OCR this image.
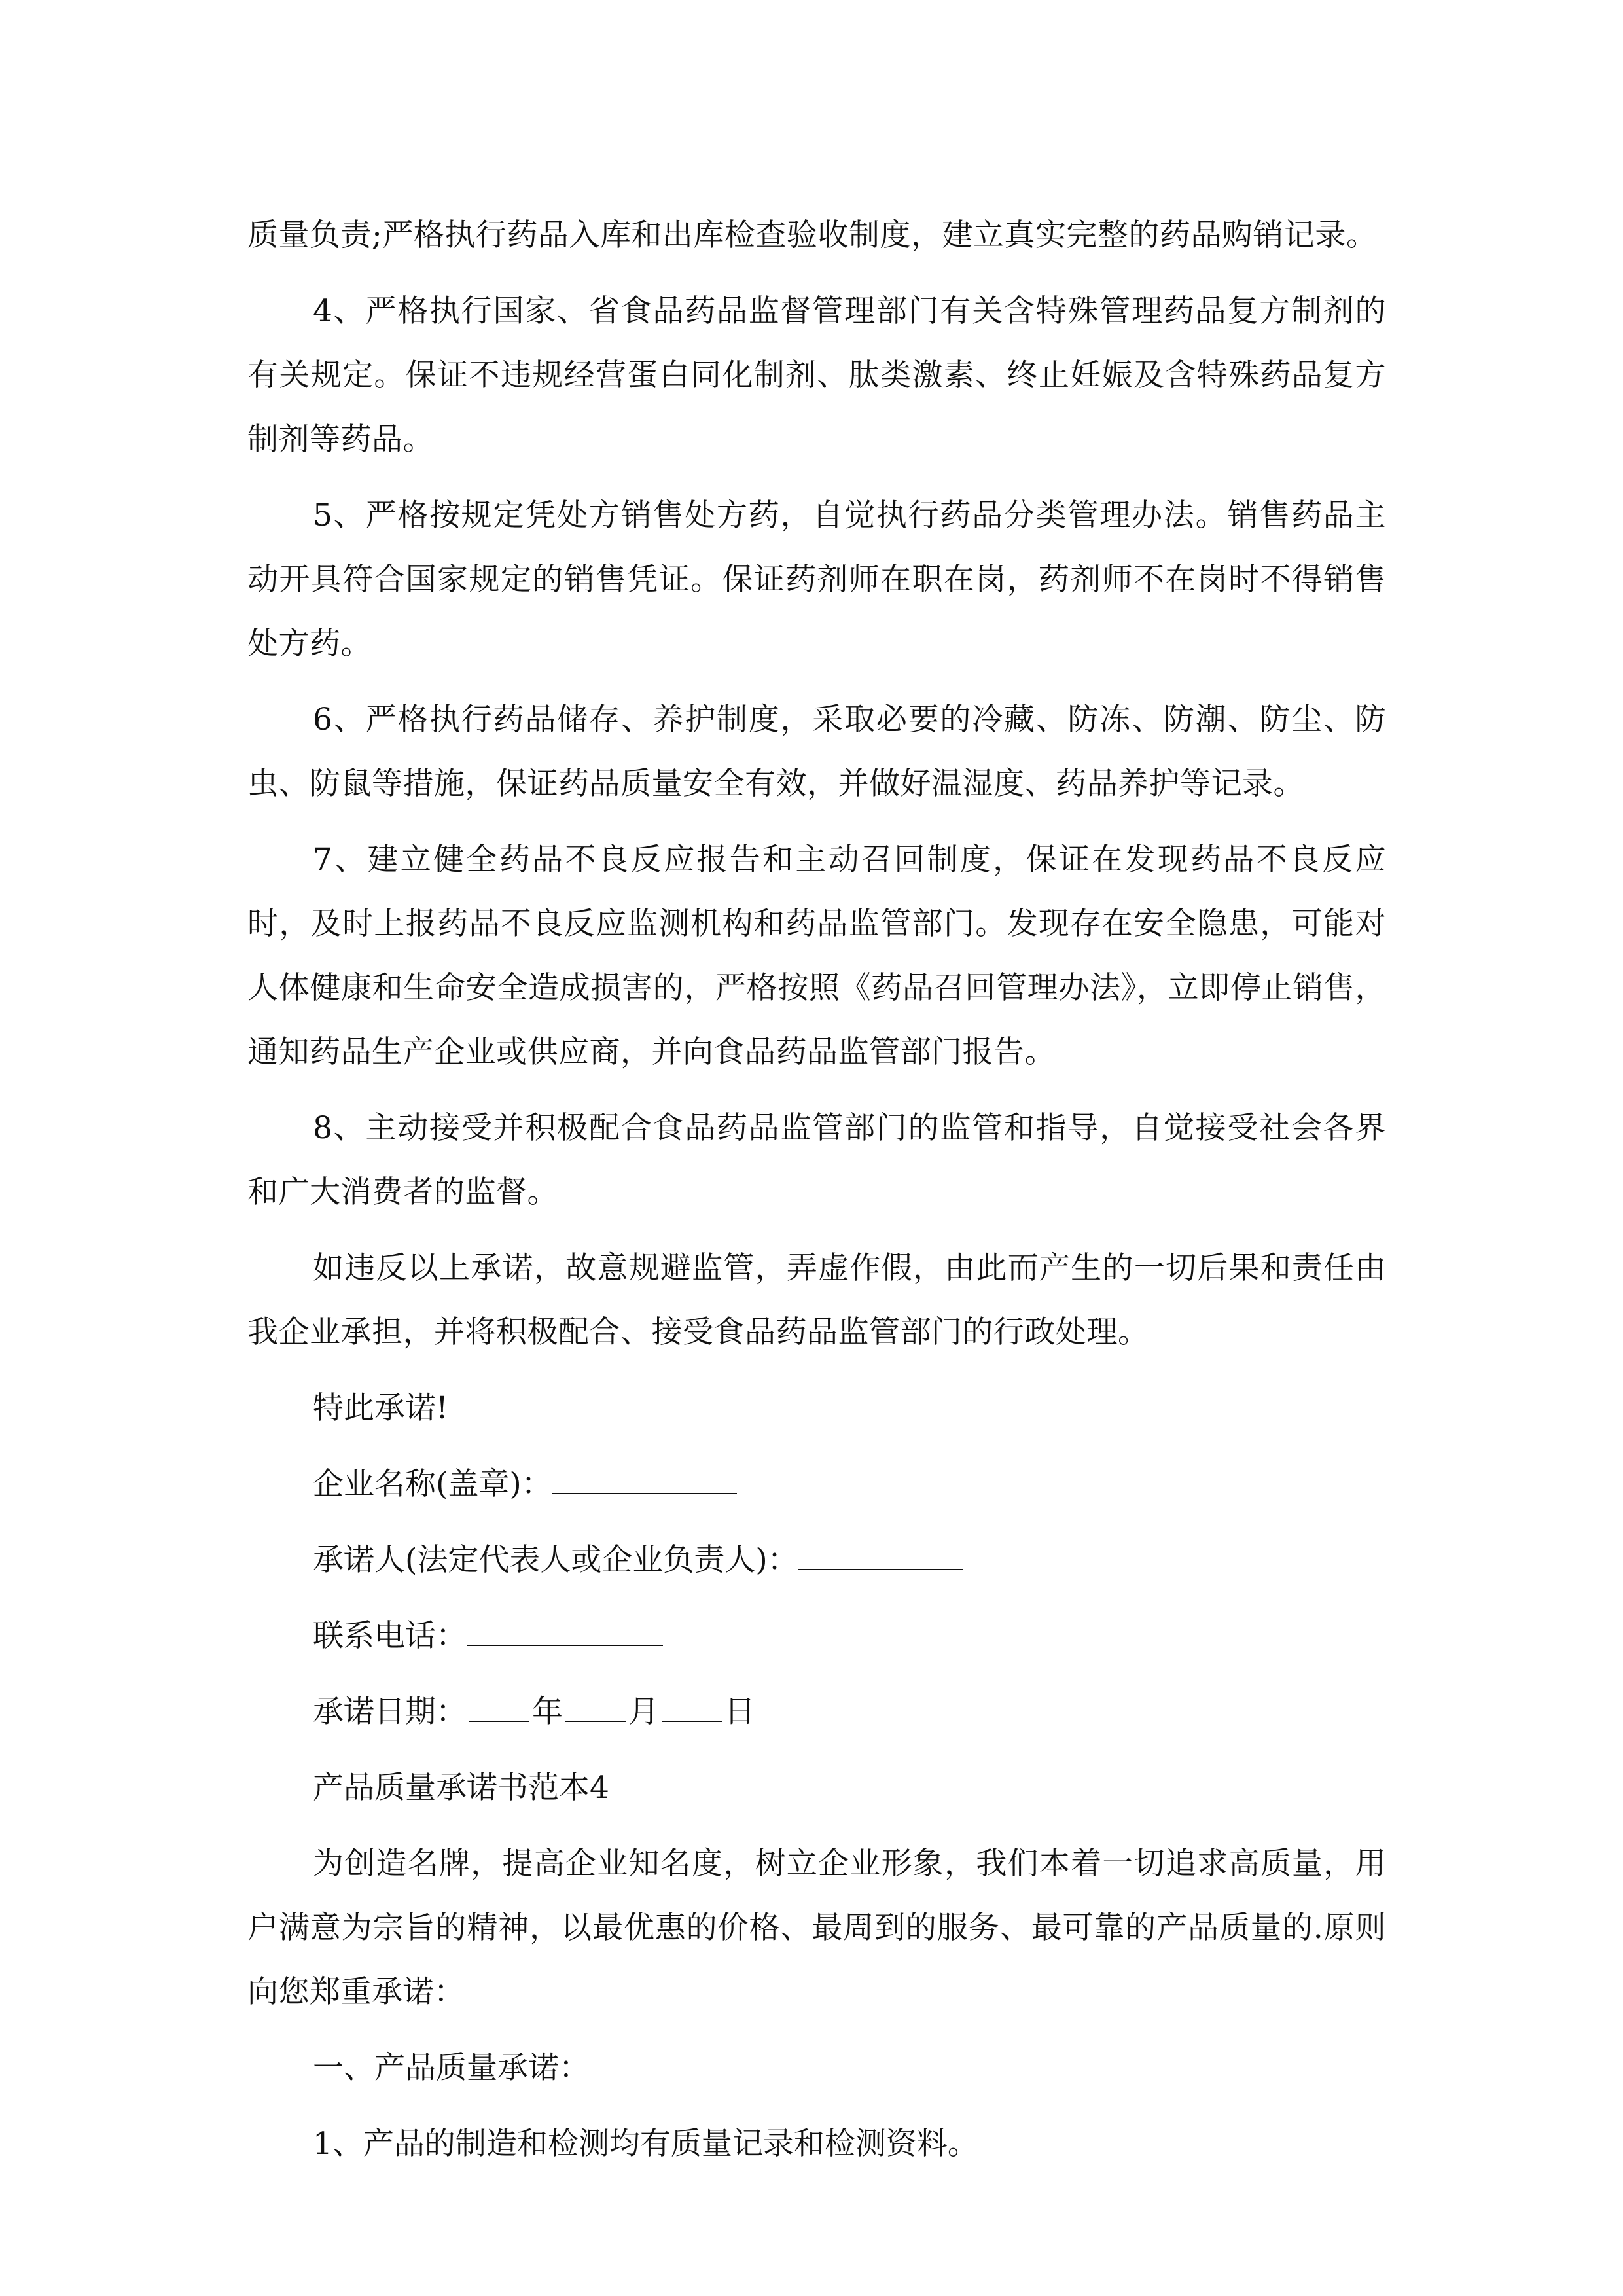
质量负责;严格执行药品入库和出库检查验收制度，建立真实完整的药品购销记录。

4、严格执行国家、省食品药品监督管理部门有关含特殊管理药品复方制剂的有关规定。保证不违规经营蛋白同化制剂、肽类激素、终止妊娠及含特殊药品复方制剂等药品。

5、严格按规定凭处方销售处方药，自觉执行药品分类管理办法。销售药品主动开具符合国家规定的销售凭证。保证药剂师在职在岗，药剂师不在岗时不得销售处方药。

6、严格执行药品储存、养护制度，采取必要的冷藏、防冻、防潮、防尘、防虫、防鼠等措施，保证药品质量安全有效，并做好温湿度、药品养护等记录。

7、建立健全药品不良反应报告和主动召回制度，保证在发现药品不良反应时，及时上报药品不良反应监测机构和药品监管部门。发现存在安全隐患，可能对人体健康和生命安全造成损害的，严格按照《药品召回管理办法》，立即停止销售，通知药品生产企业或供应商，并向食品药品监管部门报告。

8、主动接受并积极配合食品药品监管部门的监管和指导，自觉接受社会各界和广大消费者的监督。

如违反以上承诺，故意规避监管，弄虚作假，由此而产生的一切后果和责任由我企业承担，并将积极配合、接受食品药品监管部门的行政处理。

特此承诺!
企业名称(盖章)：
承诺人(法定代表人或企业负责人)：
联系电话：
承诺日期： 年 月 日
产品质量承诺书范本4

为创造名牌，提高企业知名度，树立企业形象，我们本着一切追求高质量，用户满意为宗旨的精神，以最优惠的价格、最周到的服务、最可靠的产品质量的.原则向您郑重承诺：

一、产品质量承诺：
1、产品的制造和检测均有质量记录和检测资料。
